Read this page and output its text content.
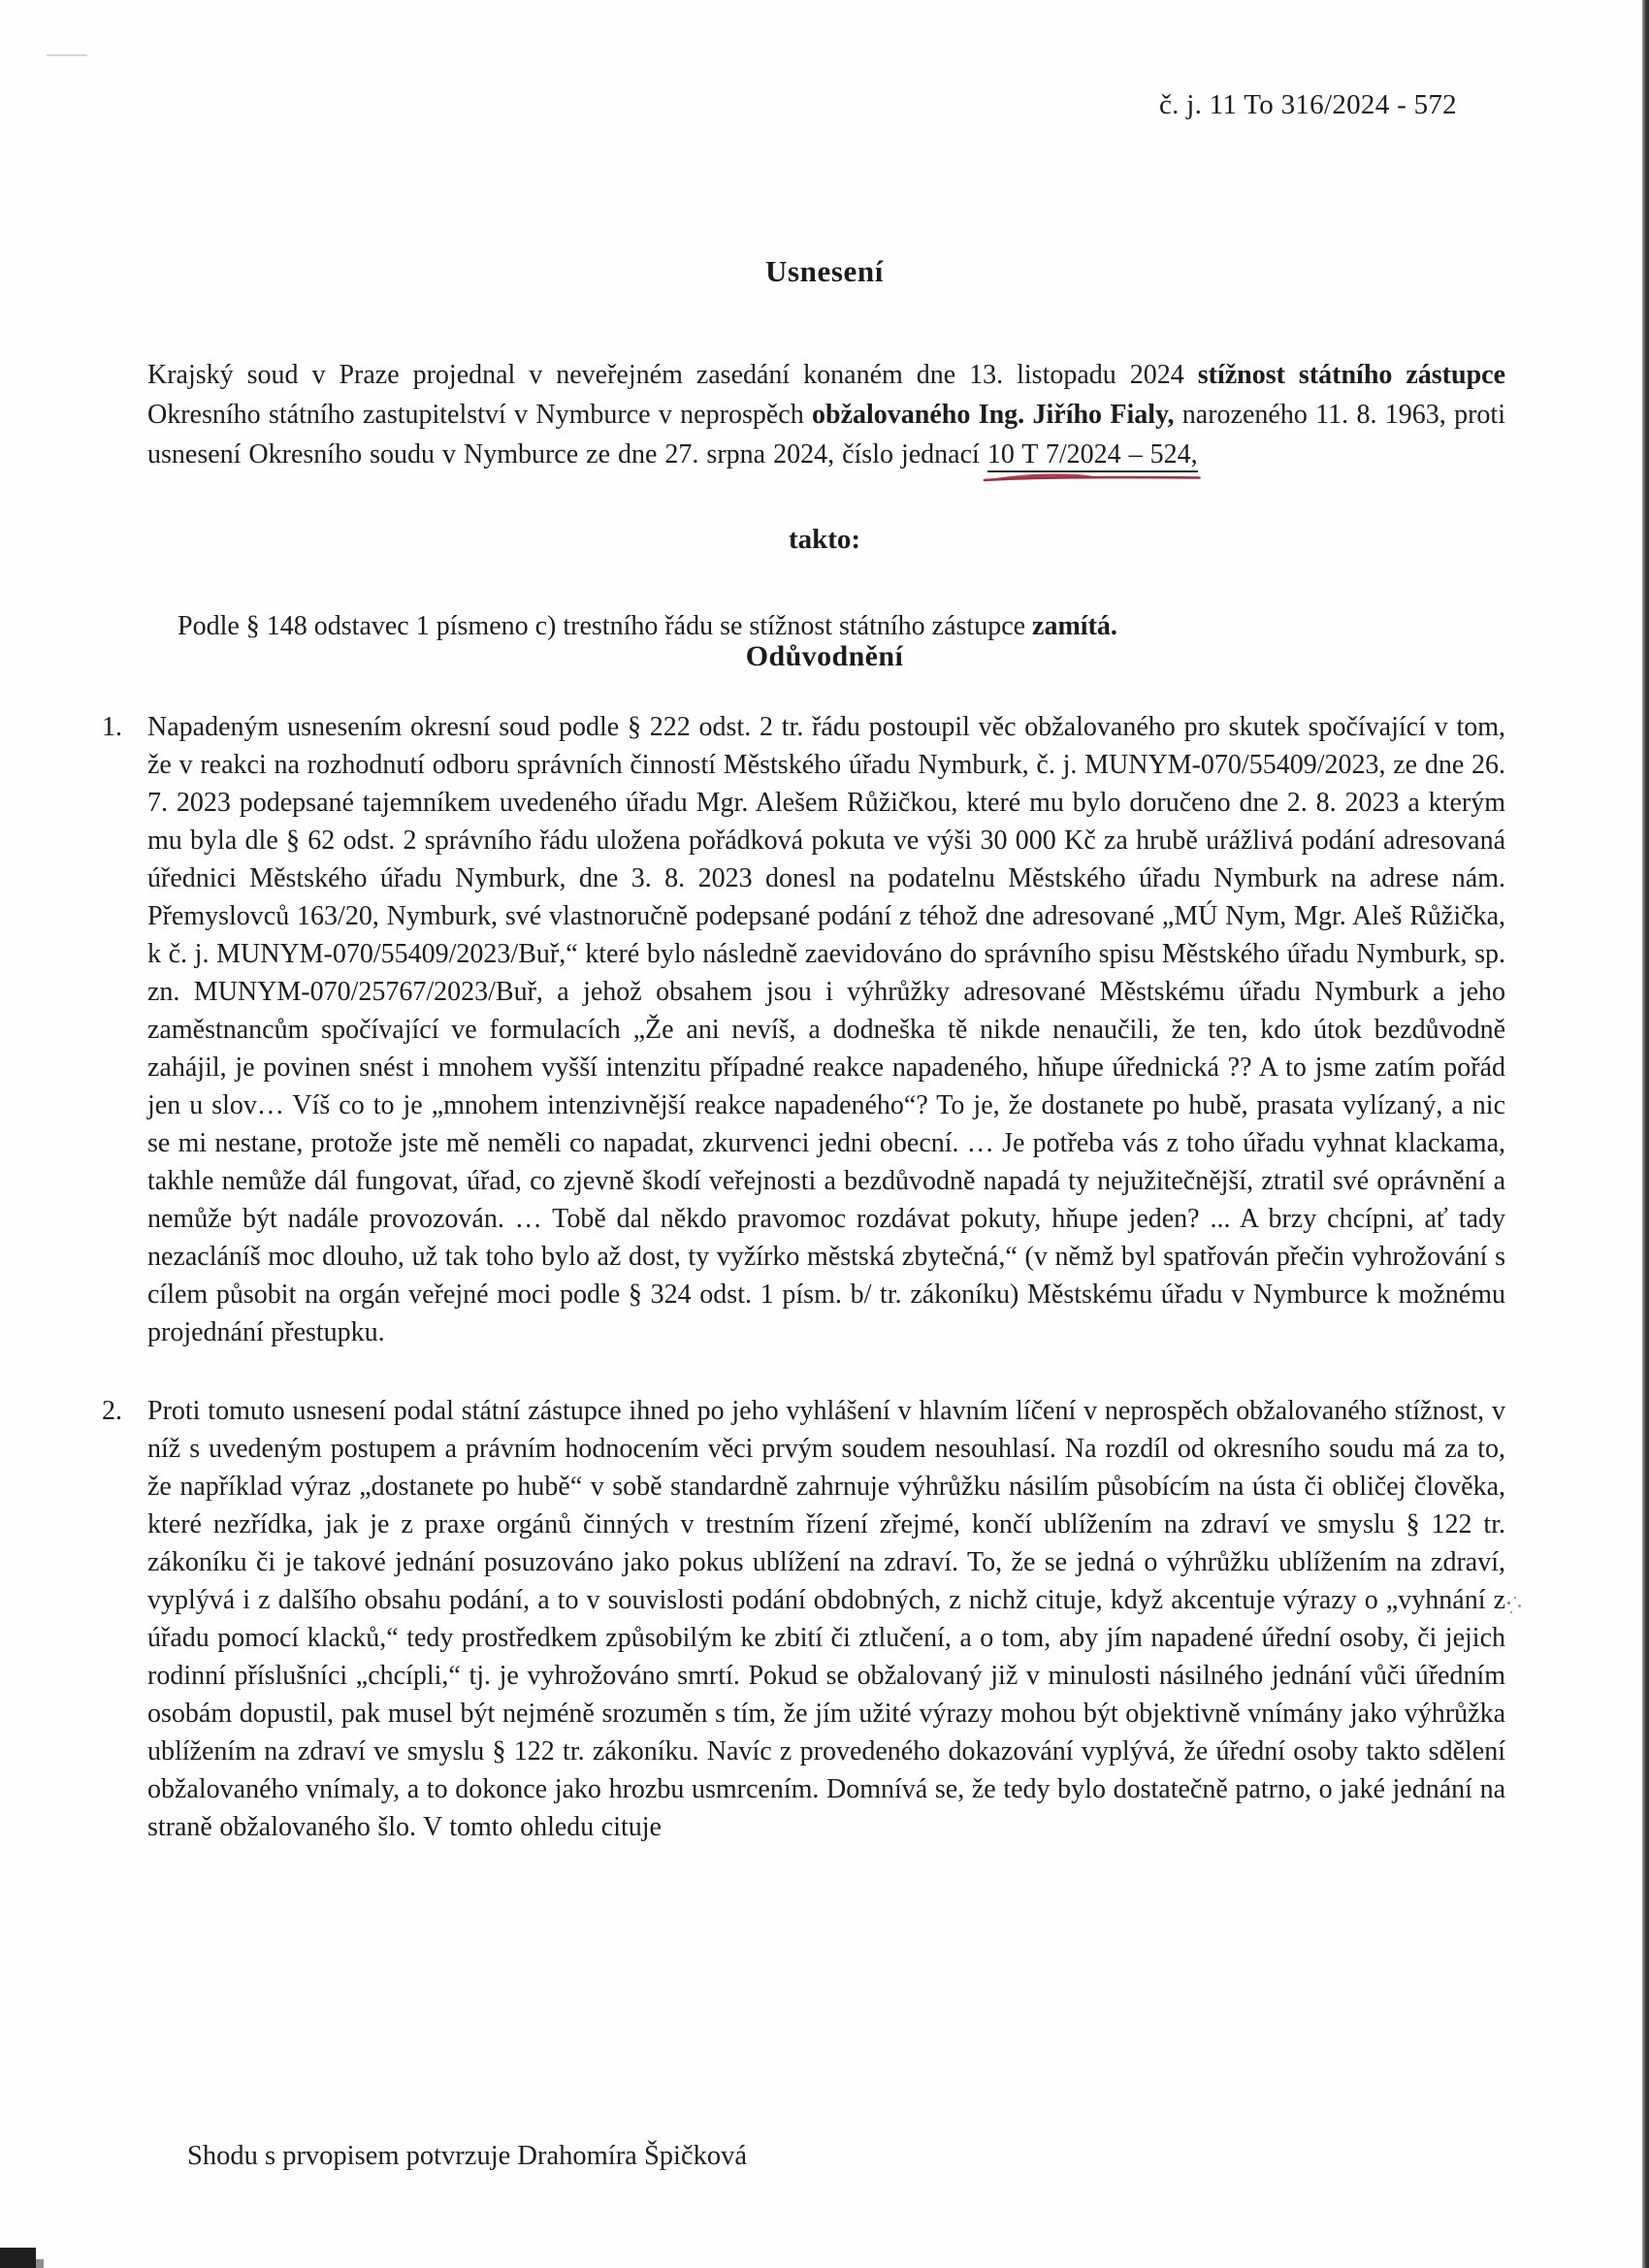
č. j. 11 To 316/2024 - 572
Usnesení

Krajský soud v Praze projednal v neveřejném zasedání konaném dne 13. listopadu 2024 stížnost státního zástupce Okresního státního zastupitelství v Nymburce v neprospěch obžalovaného Ing. Jiřího Fialy, narozeného 11. 8. 1963, proti usnesení Okresního soudu v Nymburce ze dne 27. srpna 2024, číslo jednací 10 T 7/2024 – 524,

takto:

Podle § 148 odstavec 1 písmeno c) trestního řádu se stížnost státního zástupce zamítá.

Odůvodnění
1. Napadeným usnesením okresní soud podle § 222 odst. 2 tr. řádu postoupil věc obžalovaného pro skutek spočívající v tom, že v reakci na rozhodnutí odboru správních činností Městského úřadu Nymburk, č. j. MUNYM-070/55409/2023, ze dne 26. 7. 2023 podepsané tajemníkem uvedeného úřadu Mgr. Alešem Růžičkou, které mu bylo doručeno dne 2. 8. 2023 a kterým mu byla dle § 62 odst. 2 správního řádu uložena pořádková pokuta ve výši 30 000 Kč za hrubě urážlivá podání adresovaná úřednici Městského úřadu Nymburk, dne 3. 8. 2023 donesl na podatelnu Městského úřadu Nymburk na adrese nám. Přemyslovců 163/20, Nymburk, své vlastnoručně podepsané podání z téhož dne adresované „MÚ Nym, Mgr. Aleš Růžička, k č. j. MUNYM-070/55409/2023/Buř,“ které bylo následně zaevidováno do správního spisu Městského úřadu Nymburk, sp. zn. MUNYM-070/25767/2023/Buř, a jehož obsahem jsou i výhrůžky adresované Městskému úřadu Nymburk a jeho zaměstnancům spočívající ve formulacích „Že ani nevíš, a dodneška tě nikde nenaučili, že ten, kdo útok bezdůvodně zahájil, je povinen snést i mnohem vyšší intenzitu případné reakce napadeného, hňupe úřednická ?? A to jsme zatím pořád jen u slov… Víš co to je „mnohem intenzivnější reakce napadeného“? To je, že dostanete po hubě, prasata vylízaný, a nic se mi nestane, protože jste mě neměli co napadat, zkurvenci jedni obecní. … Je potřeba vás z toho úřadu vyhnat klackama, takhle nemůže dál fungovat, úřad, co zjevně škodí veřejnosti a bezdůvodně napadá ty nejužitečnější, ztratil své oprávnění a nemůže být nadále provozován. … Tobě dal někdo pravomoc rozdávat pokuty, hňupe jeden? ... A brzy chcípni, ať tady nezacláníš moc dlouho, už tak toho bylo až dost, ty vyžírko městská zbytečná,“ (v němž byl spatřován přečin vyhrožování s cílem působit na orgán veřejné moci podle § 324 odst. 1 písm. b/ tr. zákoníku) Městskému úřadu v Nymburce k možnému projednání přestupku.

2. Proti tomuto usnesení podal státní zástupce ihned po jeho vyhlášení v hlavním líčení v neprospěch obžalovaného stížnost, v níž s uvedeným postupem a právním hodnocením věci prvým soudem nesouhlasí. Na rozdíl od okresního soudu má za to, že například výraz „dostanete po hubě“ v sobě standardně zahrnuje výhrůžku násilím působícím na ústa či obličej člověka, které nezřídka, jak je z praxe orgánů činných v trestním řízení zřejmé, končí ublížením na zdraví ve smyslu § 122 tr. zákoníku či je takové jednání posuzováno jako pokus ublížení na zdraví. To, že se jedná o výhrůžku ublížením na zdraví, vyplývá i z dalšího obsahu podání, a to v souvislosti podání obdobných, z nichž cituje, když akcentuje výrazy o „vyhnání z úřadu pomocí klacků,“ tedy prostředkem způsobilým ke zbití či ztlučení, a o tom, aby jím napadené úřední osoby, či jejich rodinní příslušníci „chcípli,“ tj. je vyhrožováno smrtí. Pokud se obžalovaný již v minulosti násilného jednání vůči úředním osobám dopustil, pak musel být nejméně srozuměn s tím, že jím užité výrazy mohou být objektivně vnímány jako výhrůžka ublížením na zdraví ve smyslu § 122 tr. zákoníku. Navíc z provedeného dokazování vyplývá, že úřední osoby takto sdělení obžalovaného vnímaly, a to dokonce jako hrozbu usmrcením. Domnívá se, že tedy bylo dostatečně patrno, o jaké jednání na straně obžalovaného šlo. V tomto ohledu cituje

Shodu s prvopisem potvrzuje Drahomíra Špičková
